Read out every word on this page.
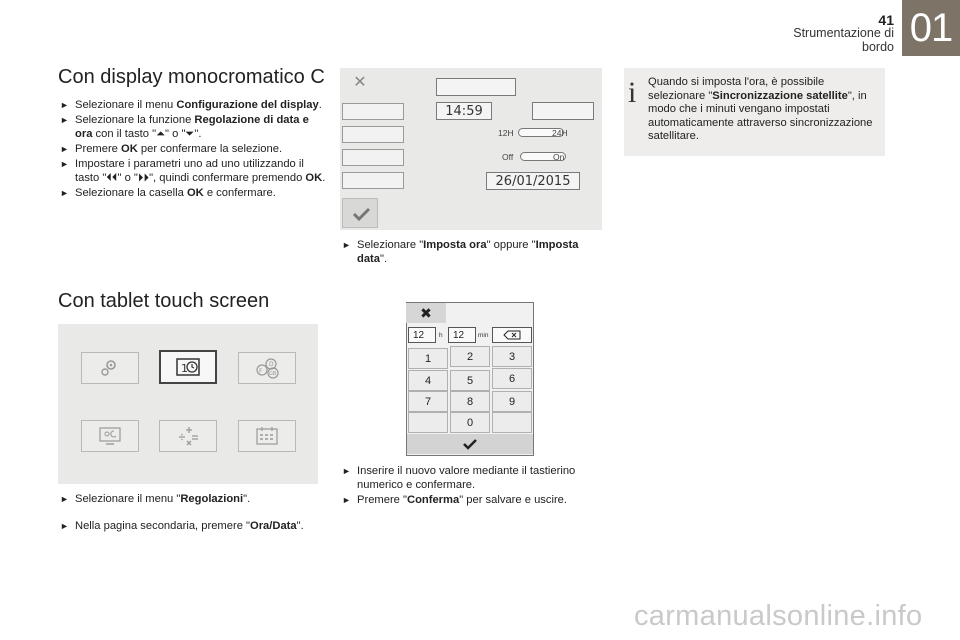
41
Strumentazione di bordo 01
Con display monocromatico C
► Selezionare il menu Configurazione del display.
► Selezionare la funzione Regolazione di data e ora con il tasto "⏶" o "⏷".
► Premere OK per confermare la selezione.
► Impostare i parametri uno ad uno utilizzando il tasto "⏴⏴" o "⏵⏵", quindi confermare premendo OK.
► Selezionare la casella OK e confermare.
✕
14:59
12H	24H
Off	On
26/01/2015
► Selezionare "Imposta ora" oppure "Imposta data".
Con tablet touch screen
1	F
D
GB
► Selezionare il menu "Regolazioni".
► Nella pagina secondaria, premere "Ora/Data".
✖
12 h 12 min
1	2	3
4	5	6
7	8	9
0
► Inserire il nuovo valore mediante il tastierino numerico e confermare.
► Premere "Conferma" per salvare e uscire.
i Quando si imposta l'ora, è possibile selezionare "Sincronizzazione satellite", in modo che i minuti vengano impostati automaticamente attraverso sincronizzazione satellitare.
carmanualsonline.info
